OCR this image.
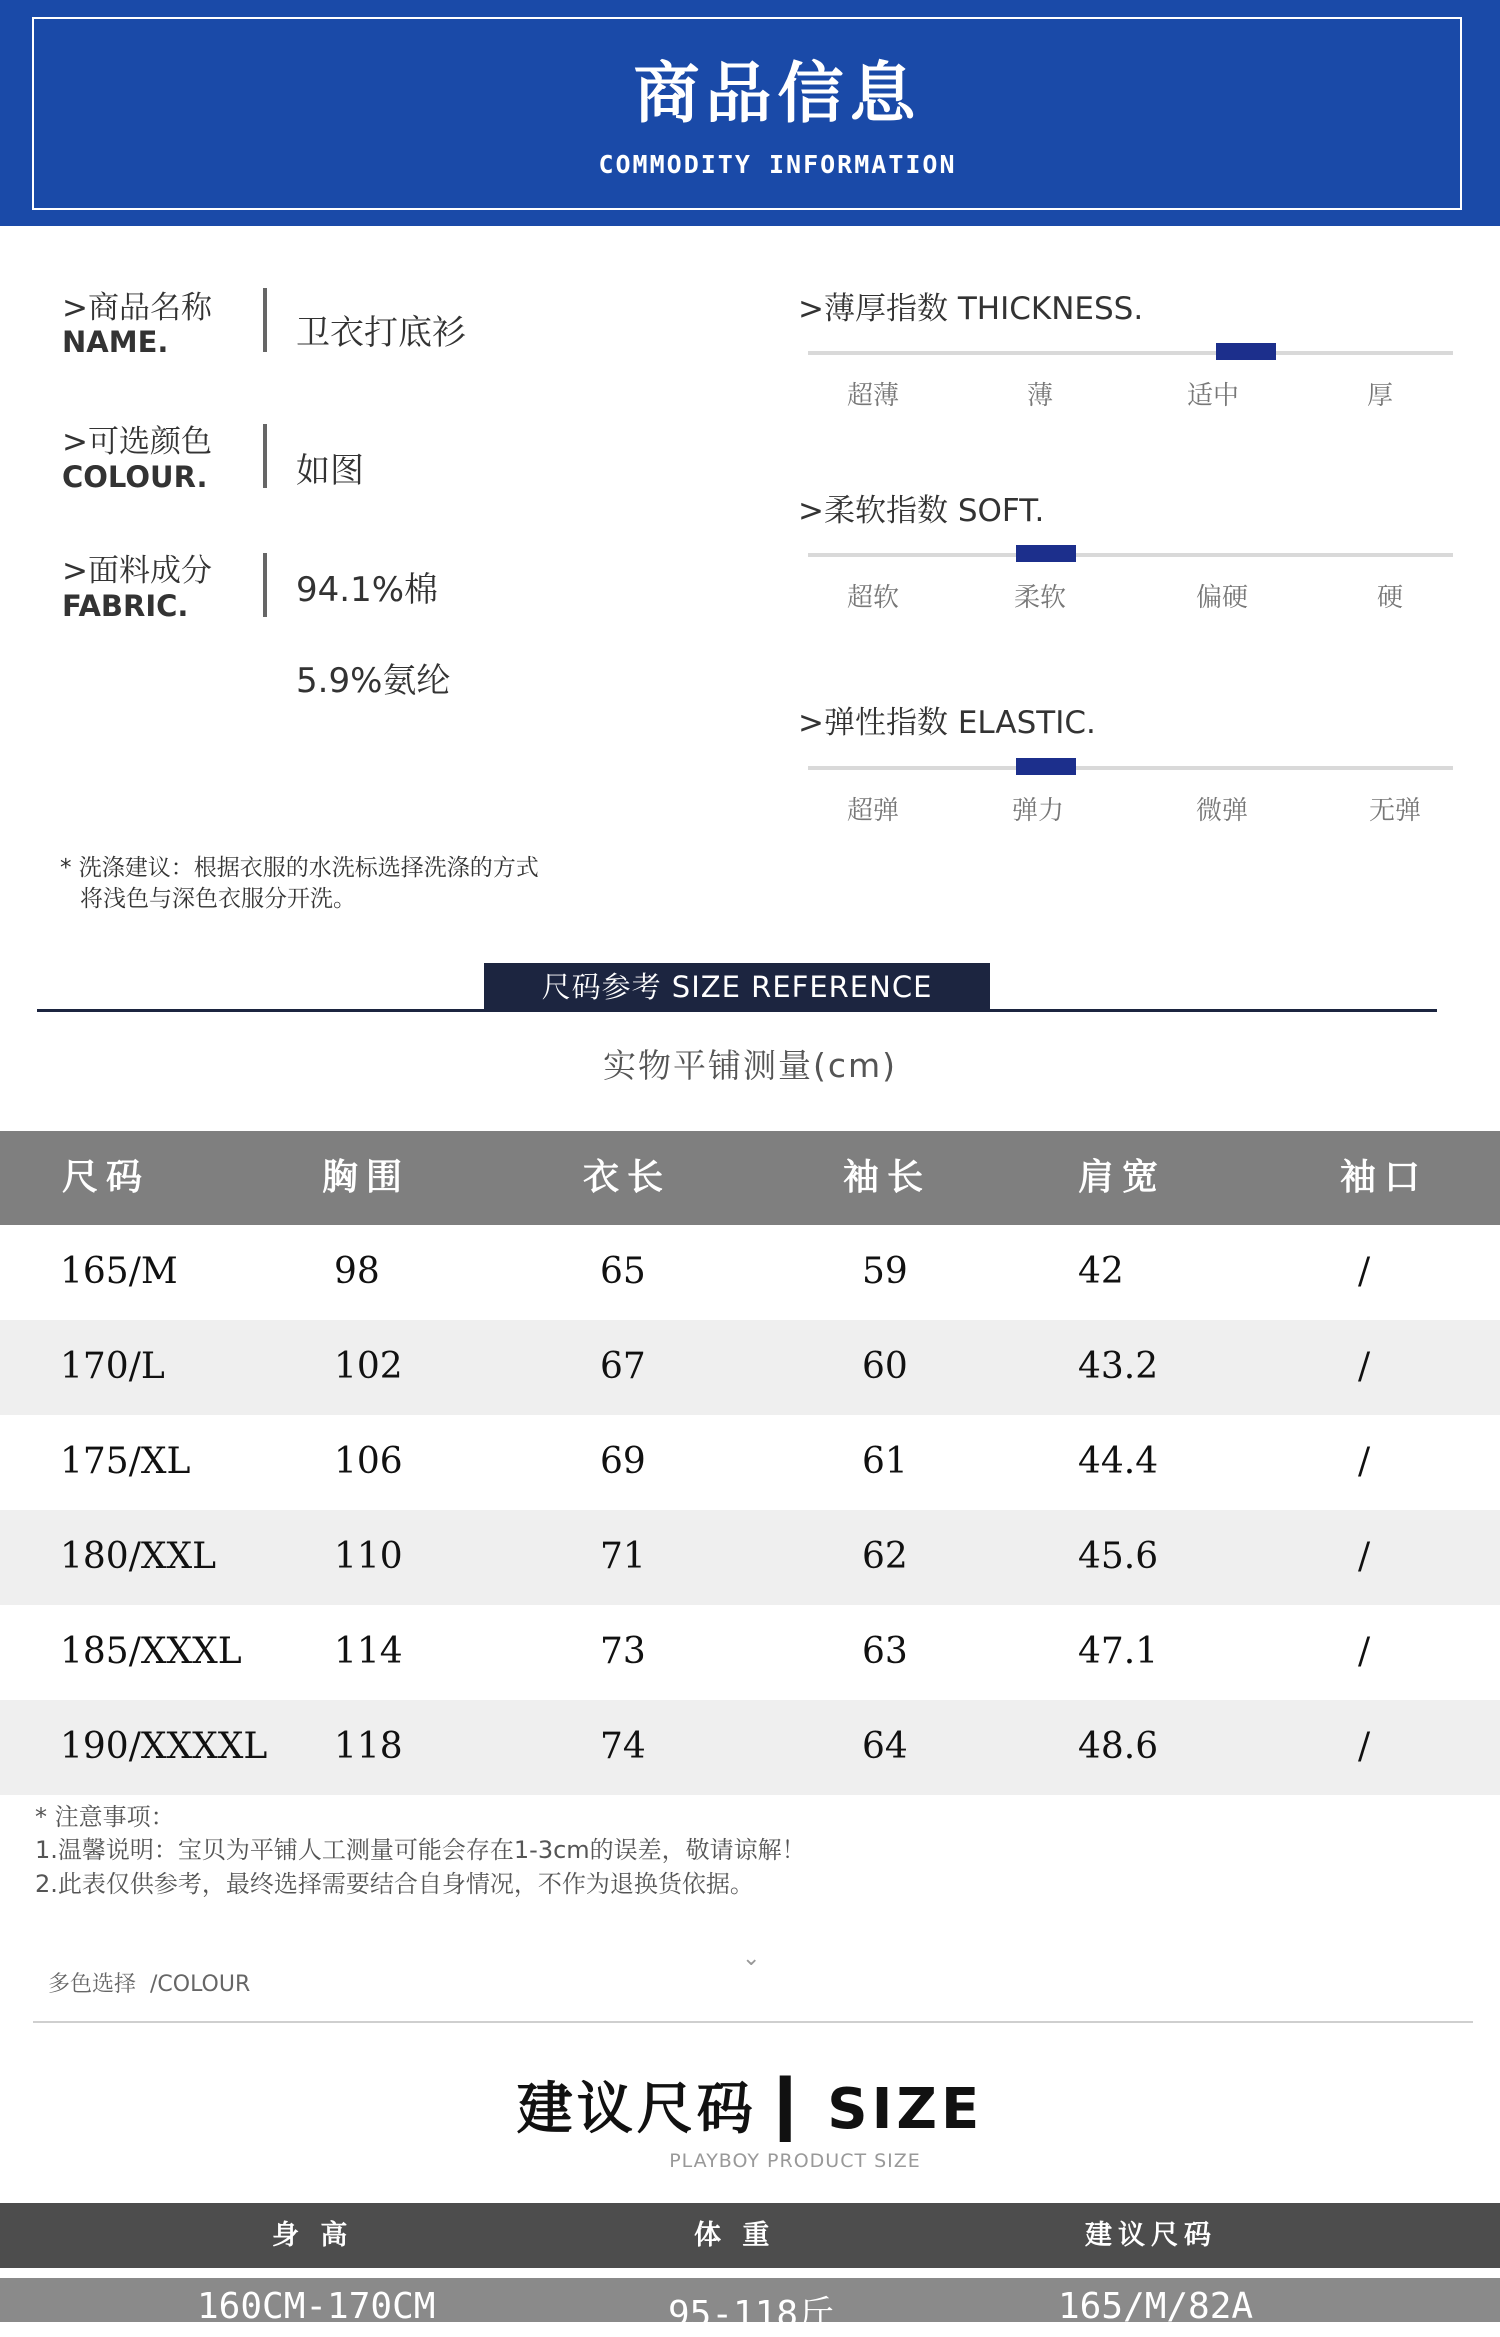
商品信息
COMMODITY INFORMATION
>商品名称
NAME.	卫衣打底衫
>可选颜色
COLOUR.	如图
>面料成分
FABRIC.	94.1%棉
5.9%氨纶
>薄厚指数 THICKNESS.
超薄	薄	适中	厚
>柔软指数 SOFT.
超软	柔软	偏硬	硬
>弹性指数 ELASTIC.
超弹	弹力	微弹	无弹
* 洗涤建议：根据衣服的水洗标选择洗涤的方式
将浅色与深色衣服分开洗。
尺码参考 SIZE REFERENCE
实物平铺测量(cm)
尺码	胸围	衣长	袖长	肩宽	袖口
165/M	98	65	59	42	/
170/L	102	67	60	43.2	/
175/XL	106	69	61	44.4	/
180/XXL	110	71	62	45.6	/
185/XXXL	114	73	63	47.1	/
190/XXXXL 118	74	64	48.6	/
* 注意事项：
1.温馨说明：宝贝为平铺人工测量可能会存在1-3cm的误差，敬请谅解！
2.此表仅供参考，最终选择需要结合自身情况，不作为退换货依据。
多色选择  /COLOUR
⌄
建议尺码 ▎SIZE
PLAYBOY PRODUCT SIZE
身 高	体 重	建议尺码
160CM-170CM	95-118斤	165/M/82A
